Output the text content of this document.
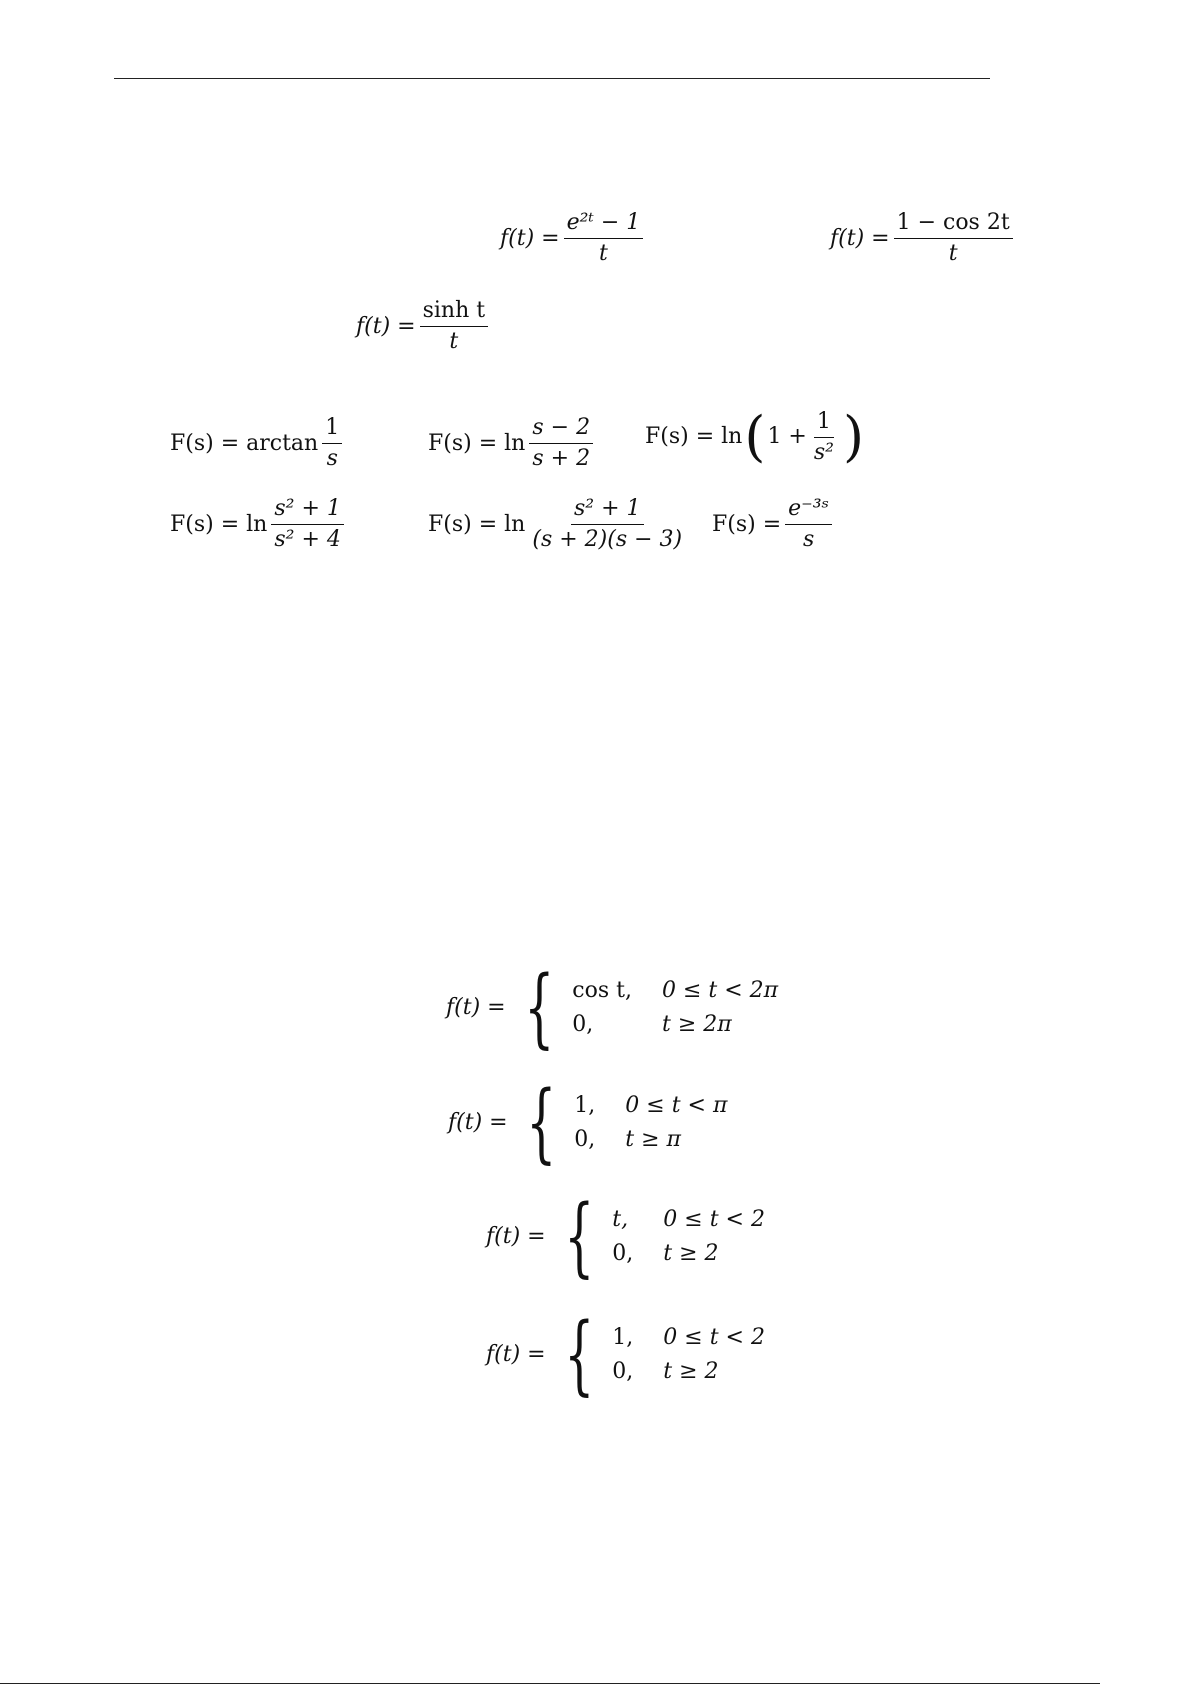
$f(t) = \frac{\text{e²ᵗ − 1}}{t}$	$f(t) = \frac{1 - \cos 2t}{t}$
$f(t) = \frac{\text{sinh t}}{t}$
$F(s) = \arctan \frac{1}{s}$	$F(s) = \ln \frac{s - 2}{s + 2} F(s) = \ln$ ( $1 + \frac{1}{\text{s²}}$ )
$F(s) = \ln \frac{\text{s² + 1}}{\text{s² + 4}}$	$F(s) = \ln \frac{\text{s² + 1}}{(s + 2)(s - 3)} F(s) = \frac{\text{e⁻³ˢ}}{s}$
f(t) = { cos t, 0 ≤ t < 2π
0,	t ≥ 2π
f(t) = { 1, 0 ≤ t < π
0, t ≥ π
f(t) = { t, 0 ≤ t < 2
0, t ≥ 2
f(t) = { 1, 0 ≤ t < 2
0, t ≥ 2
